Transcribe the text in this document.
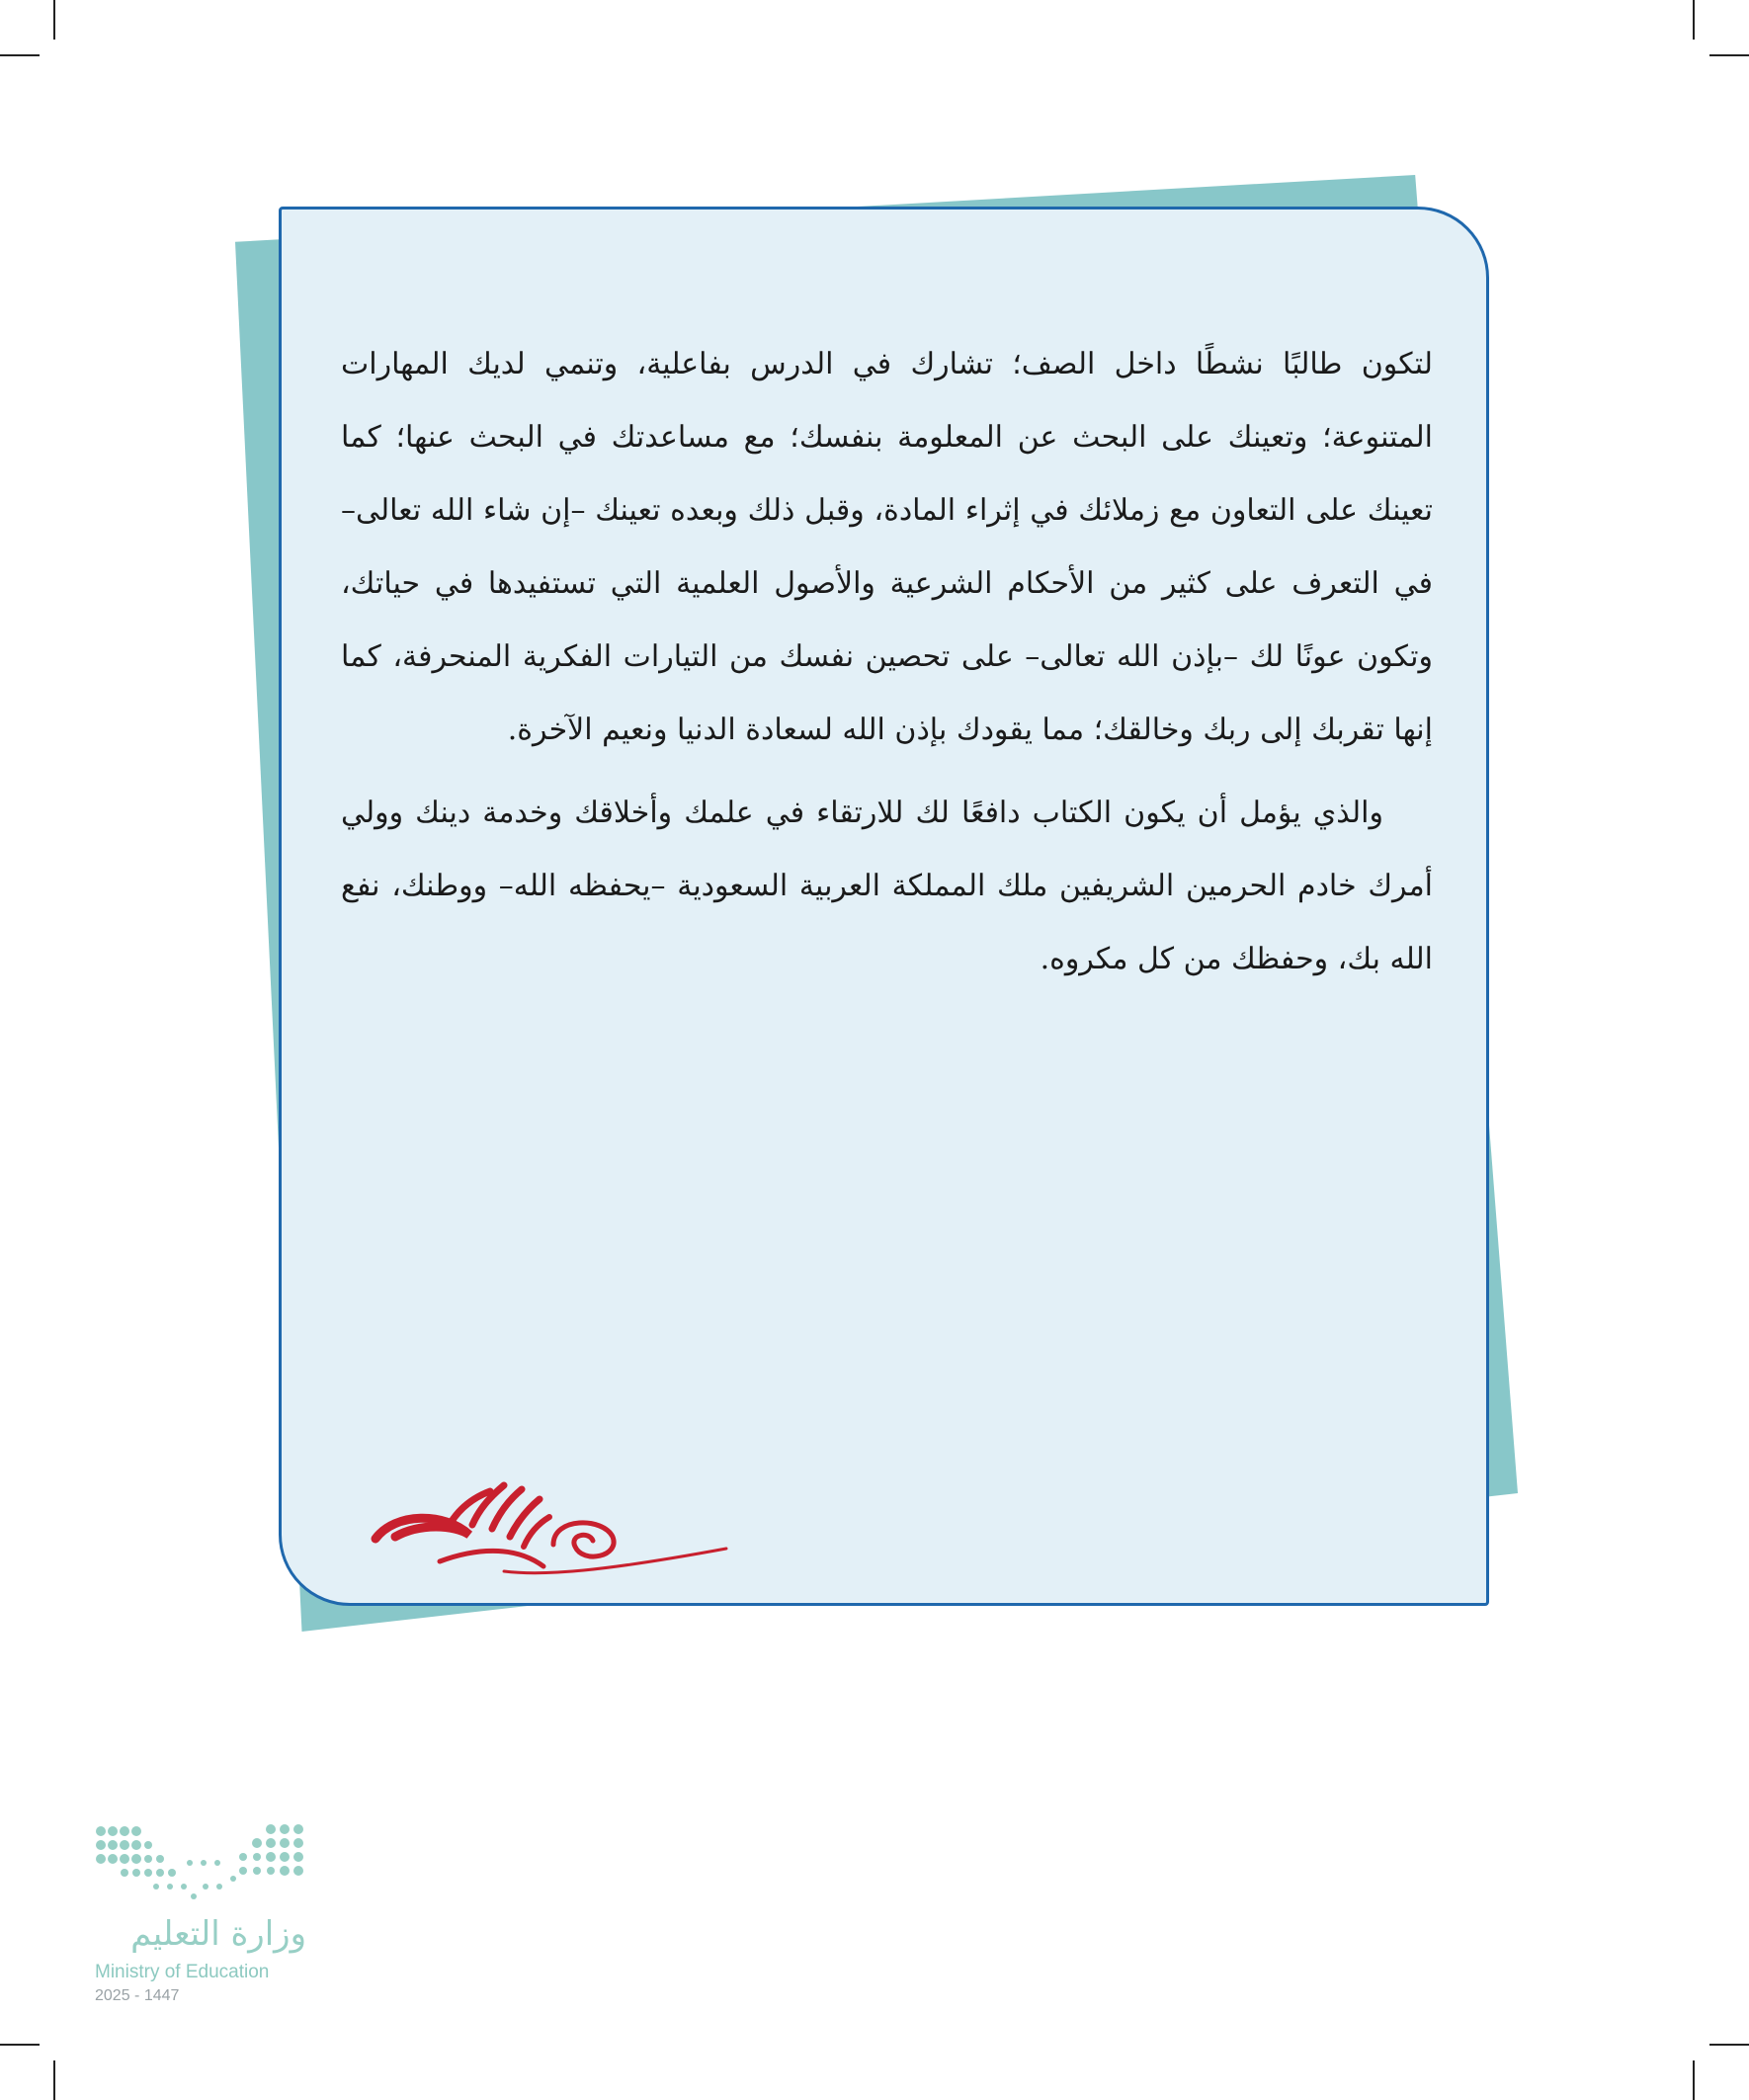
لتكون طالبًا نشطًا داخل الصف؛ تشارك في الدرس بفاعلية، وتنمي لديك المهارات المتنوعة؛ وتعينك على البحث عن المعلومة بنفسك؛ مع مساعدتك في البحث عنها؛ كما تعينك على التعاون مع زملائك في إثراء المادة، وقبل ذلك وبعده تعينك –إن شاء الله تعالى– في التعرف على كثير من الأحكام الشرعية والأصول العلمية التي تستفيدها في حياتك، وتكون عونًا لك –بإذن الله تعالى– على تحصين نفسك من التيارات الفكرية المنحرفة، كما إنها تقربك إلى ربك وخالقك؛ مما يقودك بإذن الله لسعادة الدنيا ونعيم الآخرة.

والذي يؤمل أن يكون الكتاب دافعًا لك للارتقاء في علمك وأخلاقك وخدمة دينك وولي أمرك خادم الحرمين الشريفين ملك المملكة العربية السعودية –يحفظه الله– ووطنك، نفع الله بك، وحفظك من كل مكروه.

وزارة التعليم
Ministry of Education
2025 - 1447
